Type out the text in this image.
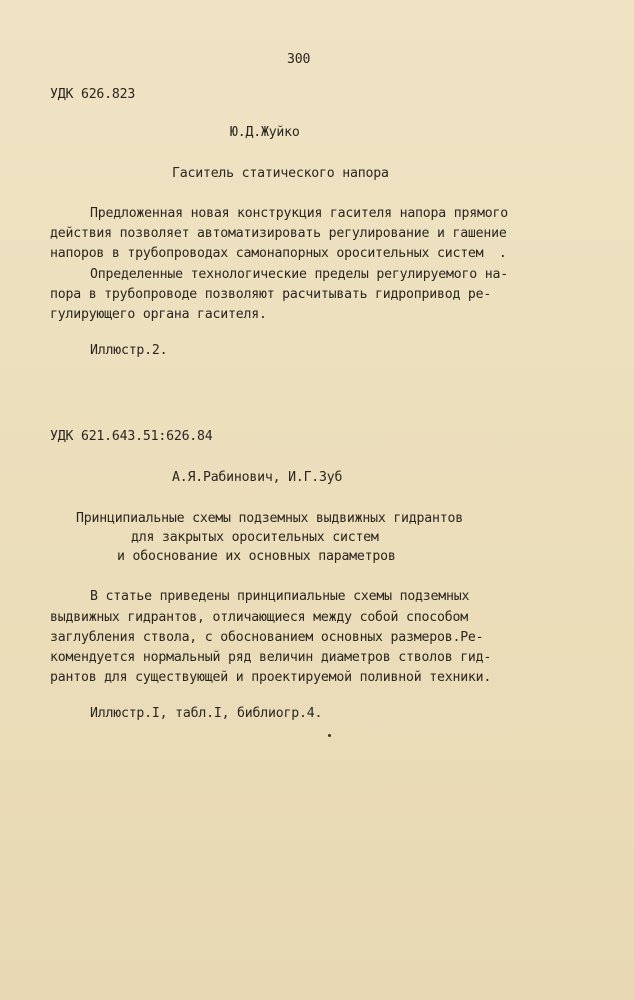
300
УДК 626.823
Ю.Д.Жуйко
Гаситель статического напора
Предложенная новая конструкция гасителя напора прямого
действия позволяет автоматизировать регулирование и гашение
напоров в трубопроводах самонапорных оросительных систем  .
Определенные технологические пределы регулируемого на-
пора в трубопроводе позволяют расчитывать гидропривод ре-
гулирующего органа гасителя.
Иллюстр.2.
УДК 621.643.51:626.84
А.Я.Рабинович, И.Г.Зуб
Принципиальные схемы подземных выдвижных гидрантов
для закрытых оросительных систем
и обоснование их основных параметров
В статье приведены принципиальные схемы подземных
выдвижных гидрантов, отличающиеся между собой способом
заглубления ствола, с обоснованием основных размеров.Ре-
комендуется нормальный ряд величин диаметров стволов гид-
рантов для существующей и проектируемой поливной техники.
Иллюстр.I, табл.I, библиогр.4.
